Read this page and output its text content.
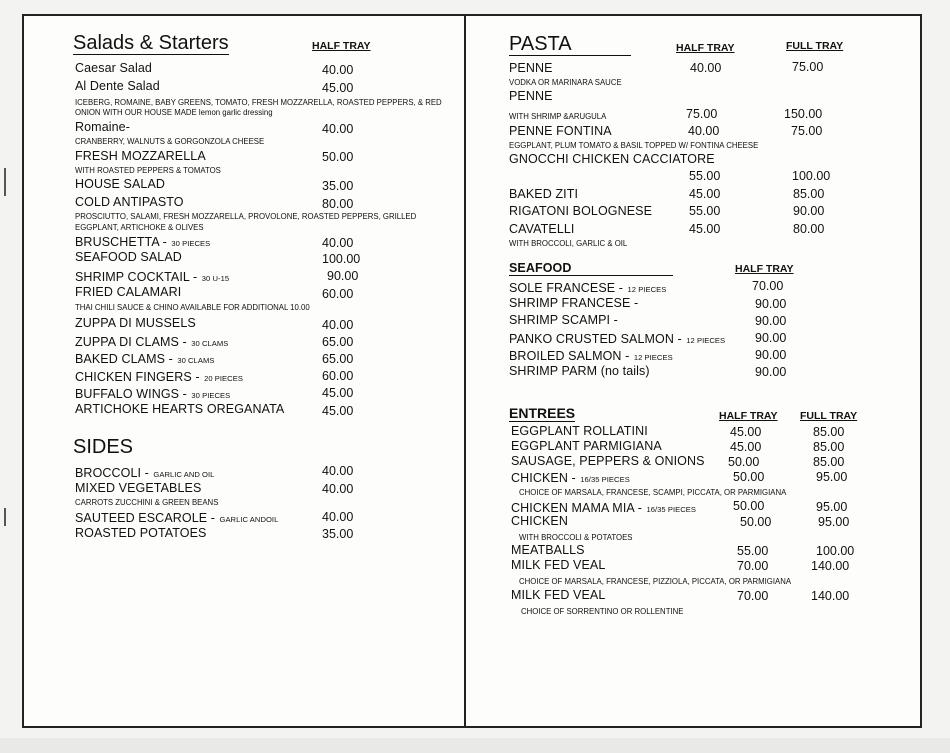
Salads & Starters	HALF TRAY
Caesar Salad	40.00
Al Dente Salad	45.00
ICEBERG, ROMAINE, BABY GREENS, TOMATO, FRESH MOZZARELLA, ROASTED PEPPERS, & RED
ONION WITH OUR HOUSE MADE lemon garlic dressing
Romaine-	40.00
CRANBERRY, WALNUTS & GORGONZOLA CHEESE
FRESH MOZZARELLA	50.00
WITH ROASTED PEPPERS & TOMATOS
HOUSE SALAD	35.00
COLD ANTIPASTO	80.00
PROSCIUTTO, SALAMI, FRESH MOZZARELLA, PROVOLONE, ROASTED PEPPERS, GRILLED
EGGPLANT, ARTICHOKE & OLIVES
BRUSCHETTA - 30 PIECES	40.00
SEAFOOD SALAD	100.00
SHRIMP COCKTAIL - 30 U-15	90.00
FRIED CALAMARI	60.00
THAI CHILI SAUCE & CHINO AVAILABLE FOR ADDITIONAL 10.00
ZUPPA DI MUSSELS	40.00
ZUPPA DI CLAMS - 30 CLAMS	65.00
BAKED CLAMS - 30 CLAMS	65.00
CHICKEN FINGERS - 20 PIECES	60.00
BUFFALO WINGS - 30 PIECES	45.00
ARTICHOKE HEARTS OREGANATA	45.00
SIDES
BROCCOLI - GARLIC AND OIL	40.00
MIXED VEGETABLES	40.00
CARROTS ZUCCHINI & GREEN BEANS
SAUTEED ESCAROLE - GARLIC ANDOIL	40.00
ROASTED POTATOES	35.00
PASTA	HALF TRAY	FULL TRAY
PENNE	40.00	75.00
VODKA OR MARINARA SAUCE
PENNE
WITH SHRIMP &ARUGULA	75.00	150.00
PENNE FONTINA	40.00	75.00
EGGPLANT, PLUM TOMATO & BASIL TOPPED W/ FONTINA CHEESE
GNOCCHI CHICKEN CACCIATORE
55.00	100.00
BAKED ZITI	45.00	85.00
RIGATONI BOLOGNESE	55.00	90.00
CAVATELLI	45.00	80.00
WITH BROCCOLI, GARLIC & OIL
SEAFOOD	HALF TRAY
SOLE FRANCESE - 12 PIECES	70.00
SHRIMP FRANCESE -	90.00
SHRIMP SCAMPI -	90.00
PANKO CRUSTED SALMON - 12 PIECES 90.00
BROILED SALMON - 12 PIECES	90.00
SHRIMP PARM (no tails)	90.00
ENTREES	HALF TRAY FULL TRAY
EGGPLANT ROLLATINI	45.00	85.00
EGGPLANT PARMIGIANA	45.00	85.00
SAUSAGE, PEPPERS & ONIONS 50.00	85.00
CHICKEN - 16/35 PIECES	50.00	95.00
CHOICE OF MARSALA, FRANCESE, SCAMPI, PICCATA, OR PARMIGIANA
CHICKEN MAMA MIA - 16/35 PIECES	50.00	95.00
CHICKEN	50.00	95.00
WITH BROCCOLI & POTATOES
MEATBALLS	55.00	100.00
MILK FED VEAL	70.00	140.00
CHOICE OF MARSALA, FRANCESE, PIZZIOLA, PICCATA, OR PARMIGIANA
MILK FED VEAL	70.00	140.00
CHOICE OF SORRENTINO OR ROLLENTINE
